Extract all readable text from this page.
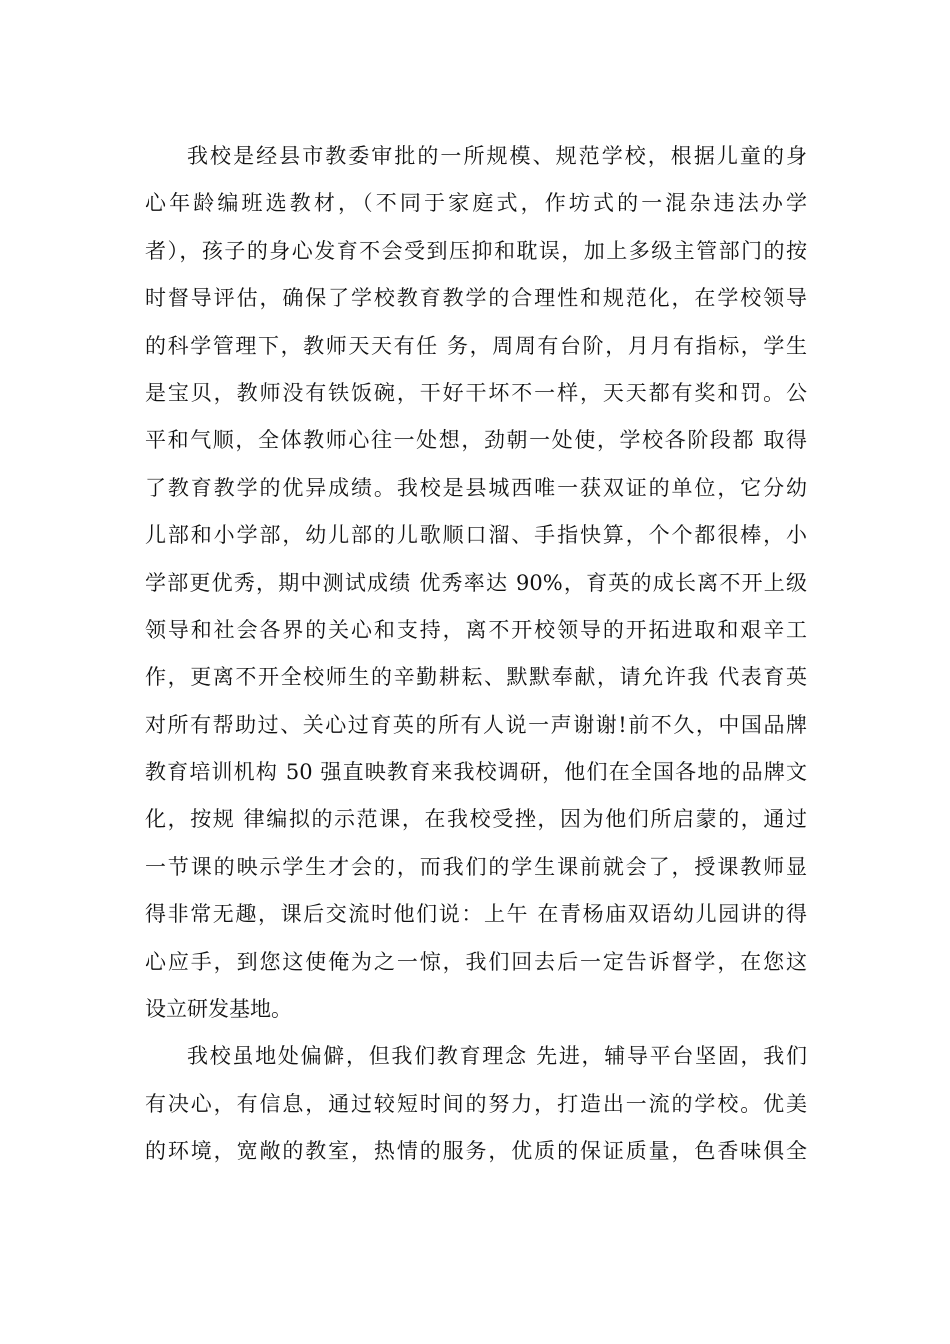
我校是经县市教委审批的一所规模、规范学校，根据儿童的身
心年龄编班选教材，（不同于家庭式，作坊式的一混杂违法办学
者），孩子的身心发育不会受到压抑和耽误，加上多级主管部门的按
时督导评估，确保了学校教育教学的合理性和规范化，在学校领导
的科学管理下，教师天天有任 务，周周有台阶，月月有指标，学生
是宝贝，教师没有铁饭碗，干好干坏不一样，天天都有奖和罚。公
平和气顺，全体教师心往一处想，劲朝一处使，学校各阶段都 取得
了教育教学的优异成绩。我校是县城西唯一获双证的单位，它分幼
儿部和小学部，幼儿部的儿歌顺口溜、手指快算，个个都很棒，小
学部更优秀，期中测试成绩 优秀率达 90%，育英的成长离不开上级
领导和社会各界的关心和支持，离不开校领导的开拓进取和艰辛工
作，更离不开全校师生的辛勤耕耘、默默奉献，请允许我 代表育英
对所有帮助过、关心过育英的所有人说一声谢谢!前不久，中国品牌
教育培训机构 50 强直映教育来我校调研，他们在全国各地的品牌文
化，按规 律编拟的示范课，在我校受挫，因为他们所启蒙的，通过
一节课的映示学生才会的，而我们的学生课前就会了，授课教师显
得非常无趣，课后交流时他们说：上午 在青杨庙双语幼儿园讲的得
心应手，到您这使俺为之一惊，我们回去后一定告诉督学，在您这
设立研发基地。
我校虽地处偏僻，但我们教育理念 先进，辅导平台坚固，我们
有决心，有信息，通过较短时间的努力，打造出一流的学校。优美
的环境，宽敞的教室，热情的服务，优质的保证质量，色香味俱全
